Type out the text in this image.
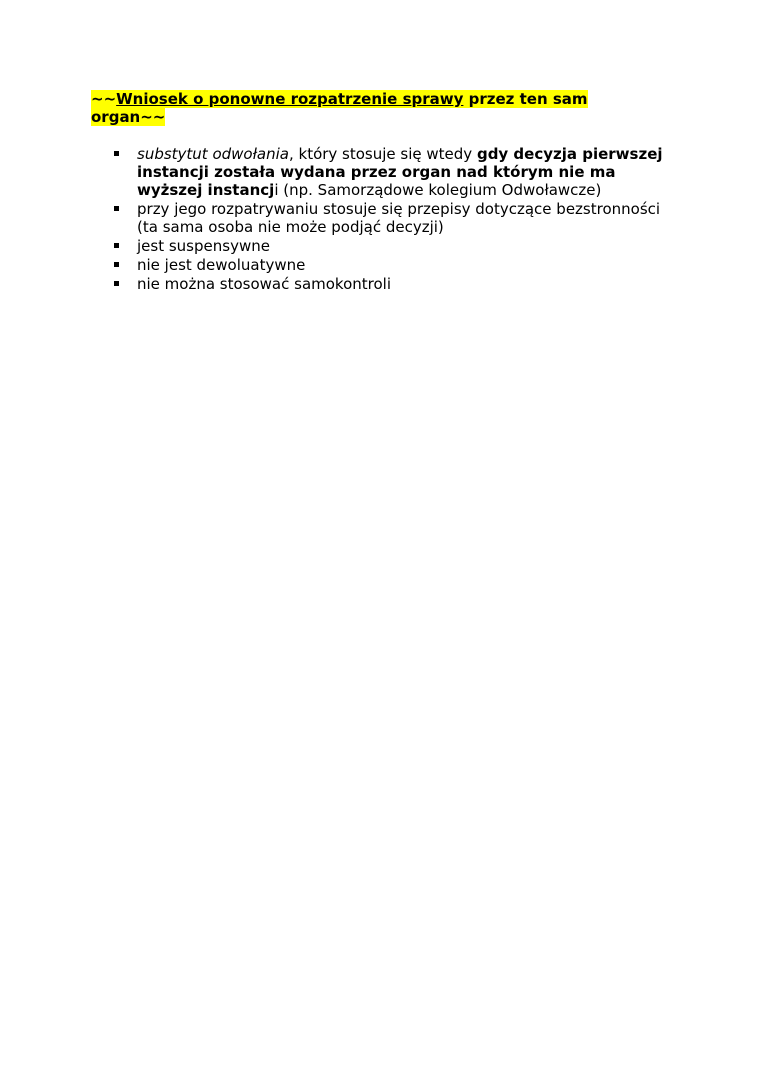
~~Wniosek o ponowne rozpatrzenie sprawy przez ten sam organ~~

substytut odwołania, który stosuje się wtedy gdy decyzja pierwszej instancji została wydana przez organ nad którym nie ma wyższej instancji (np. Samorządowe kolegium Odwoławcze)
przy jego rozpatrywaniu stosuje się przepisy dotyczące bezstronności (ta sama osoba nie może podjąć decyzji)
jest suspensywne
nie jest dewoluatywne
nie można stosować samokontroli
